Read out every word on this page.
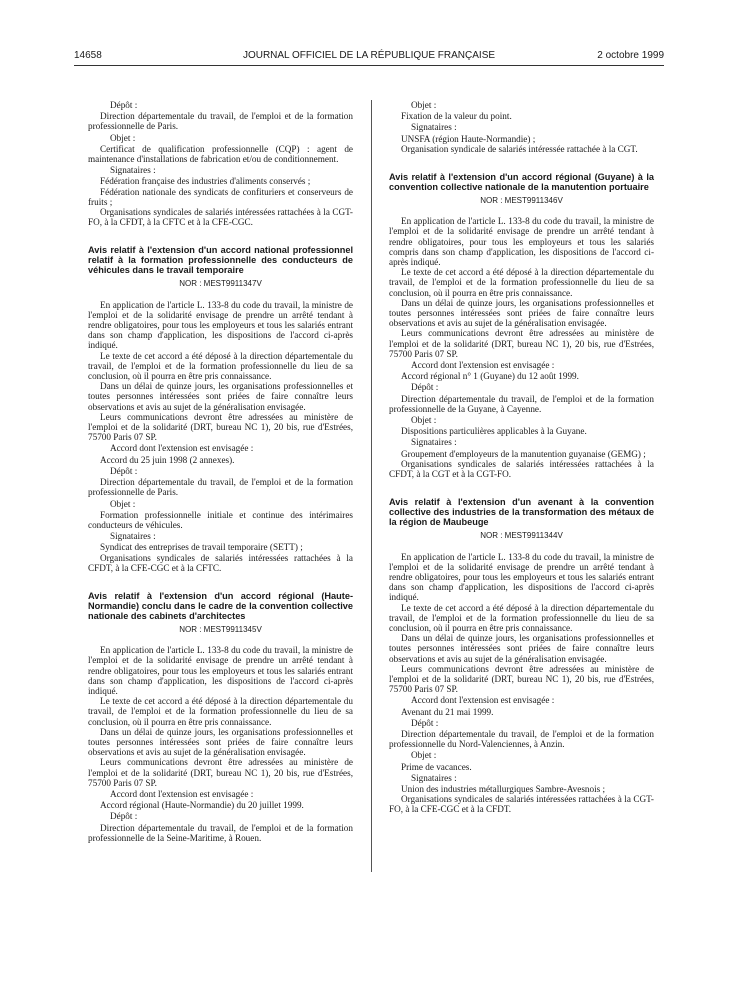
JOURNAL OFFICIEL DE LA RÉPUBLIQUE FRANÇAISE
14658	2 octobre 1999

Dépôt :

Direction départementale du travail, de l'emploi et de la formation professionnelle de Paris.

Objet :

Certificat de qualification professionnelle (CQP) : agent de maintenance d'installations de fabrication et/ou de conditionnement.

Signataires :

Fédération française des industries d'aliments conservés ;

Fédération nationale des syndicats de confituriers et conserveurs de fruits ;

Organisations syndicales de salariés intéressées rattachées à la CGT-FO, à la CFDT, à la CFTC et à la CFE-CGC.

Avis relatif à l'extension d'un accord national professionnel relatif à la formation professionnelle des conducteurs de véhicules dans le travail temporaire

NOR : MEST9911347V

En application de l'article L. 133-8 du code du travail, la ministre de l'emploi et de la solidarité envisage de prendre un arrêté tendant à rendre obligatoires, pour tous les employeurs et tous les salariés entrant dans son champ d'application, les dispositions de l'accord ci-après indiqué.

Le texte de cet accord a été déposé à la direction départementale du travail, de l'emploi et de la formation professionnelle du lieu de sa conclusion, où il pourra en être pris connaissance.

Dans un délai de quinze jours, les organisations professionnelles et toutes personnes intéressées sont priées de faire connaître leurs observations et avis au sujet de la généralisation envisagée.

Leurs communications devront être adressées au ministère de l'emploi et de la solidarité (DRT, bureau NC 1), 20 bis, rue d'Estrées, 75700 Paris 07 SP.

Accord dont l'extension est envisagée :

Accord du 25 juin 1998 (2 annexes).

Dépôt :

Direction départementale du travail, de l'emploi et de la formation professionnelle de Paris.

Objet :

Formation professionnelle initiale et continue des intérimaires conducteurs de véhicules.

Signataires :

Syndicat des entreprises de travail temporaire (SETT) ;

Organisations syndicales de salariés intéressées rattachées à la CFDT, à la CFE-CGC et à la CFTC.

Avis relatif à l'extension d'un accord régional (Haute-Normandie) conclu dans le cadre de la convention collective nationale des cabinets d'architectes

NOR : MEST9911345V

En application de l'article L. 133-8 du code du travail, la ministre de l'emploi et de la solidarité envisage de prendre un arrêté tendant à rendre obligatoires, pour tous les employeurs et tous les salariés entrant dans son champ d'application, les dispositions de l'accord ci-après indiqué.

Le texte de cet accord a été déposé à la direction départementale du travail, de l'emploi et de la formation professionnelle du lieu de sa conclusion, où il pourra en être pris connaissance.

Dans un délai de quinze jours, les organisations professionnelles et toutes personnes intéressées sont priées de faire connaître leurs observations et avis au sujet de la généralisation envisagée.

Leurs communications devront être adressées au ministère de l'emploi et de la solidarité (DRT, bureau NC 1), 20 bis, rue d'Estrées, 75700 Paris 07 SP.

Accord dont l'extension est envisagée :

Accord régional (Haute-Normandie) du 20 juillet 1999.

Dépôt :

Direction départementale du travail, de l'emploi et de la formation professionnelle de la Seine-Maritime, à Rouen.

Objet :

Fixation de la valeur du point.

Signataires :

UNSFA (région Haute-Normandie) ;

Organisation syndicale de salariés intéressée rattachée à la CGT.

Avis relatif à l'extension d'un accord régional (Guyane) à la convention collective nationale de la manutention portuaire

NOR : MEST9911346V

En application de l'article L. 133-8 du code du travail, la ministre de l'emploi et de la solidarité envisage de prendre un arrêté tendant à rendre obligatoires, pour tous les employeurs et tous les salariés compris dans son champ d'application, les dispositions de l'accord ci-après indiqué.

Le texte de cet accord a été déposé à la direction départementale du travail, de l'emploi et de la formation professionnelle du lieu de sa conclusion, où il pourra en être pris connaissance.

Dans un délai de quinze jours, les organisations professionnelles et toutes personnes intéressées sont priées de faire connaître leurs observations et avis au sujet de la généralisation envisagée.

Leurs communications devront être adressées au ministère de l'emploi et de la solidarité (DRT, bureau NC 1), 20 bis, rue d'Estrées, 75700 Paris 07 SP.

Accord dont l'extension est envisagée :

Accord régional n° 1 (Guyane) du 12 août 1999.

Dépôt :

Direction départementale du travail, de l'emploi et de la formation professionnelle de la Guyane, à Cayenne.

Objet :

Dispositions particulières applicables à la Guyane.

Signataires :

Groupement d'employeurs de la manutention guyanaise (GEMG) ;

Organisations syndicales de salariés intéressées rattachées à la CFDT, à la CGT et à la CGT-FO.

Avis relatif à l'extension d'un avenant à la convention collective des industries de la transformation des métaux de la région de Maubeuge

NOR : MEST9911344V

En application de l'article L. 133-8 du code du travail, la ministre de l'emploi et de la solidarité envisage de prendre un arrêté tendant à rendre obligatoires, pour tous les employeurs et tous les salariés entrant dans son champ d'application, les dispositions de l'accord ci-après indiqué.

Le texte de cet accord a été déposé à la direction départementale du travail, de l'emploi et de la formation professionnelle du lieu de sa conclusion, où il pourra en être pris connaissance.

Dans un délai de quinze jours, les organisations professionnelles et toutes personnes intéressées sont priées de faire connaître leurs observations et avis au sujet de la généralisation envisagée.

Leurs communications devront être adressées au ministère de l'emploi et de la solidarité (DRT, bureau NC 1), 20 bis, rue d'Estrées, 75700 Paris 07 SP.

Accord dont l'extension est envisagée :

Avenant du 21 mai 1999.

Dépôt :

Direction départementale du travail, de l'emploi et de la formation professionnelle du Nord-Valenciennes, à Anzin.

Objet :

Prime de vacances.

Signataires :

Union des industries métallurgiques Sambre-Avesnois ;

Organisations syndicales de salariés intéressées rattachées à la CGT-FO, à la CFE-CGC et à la CFDT.
